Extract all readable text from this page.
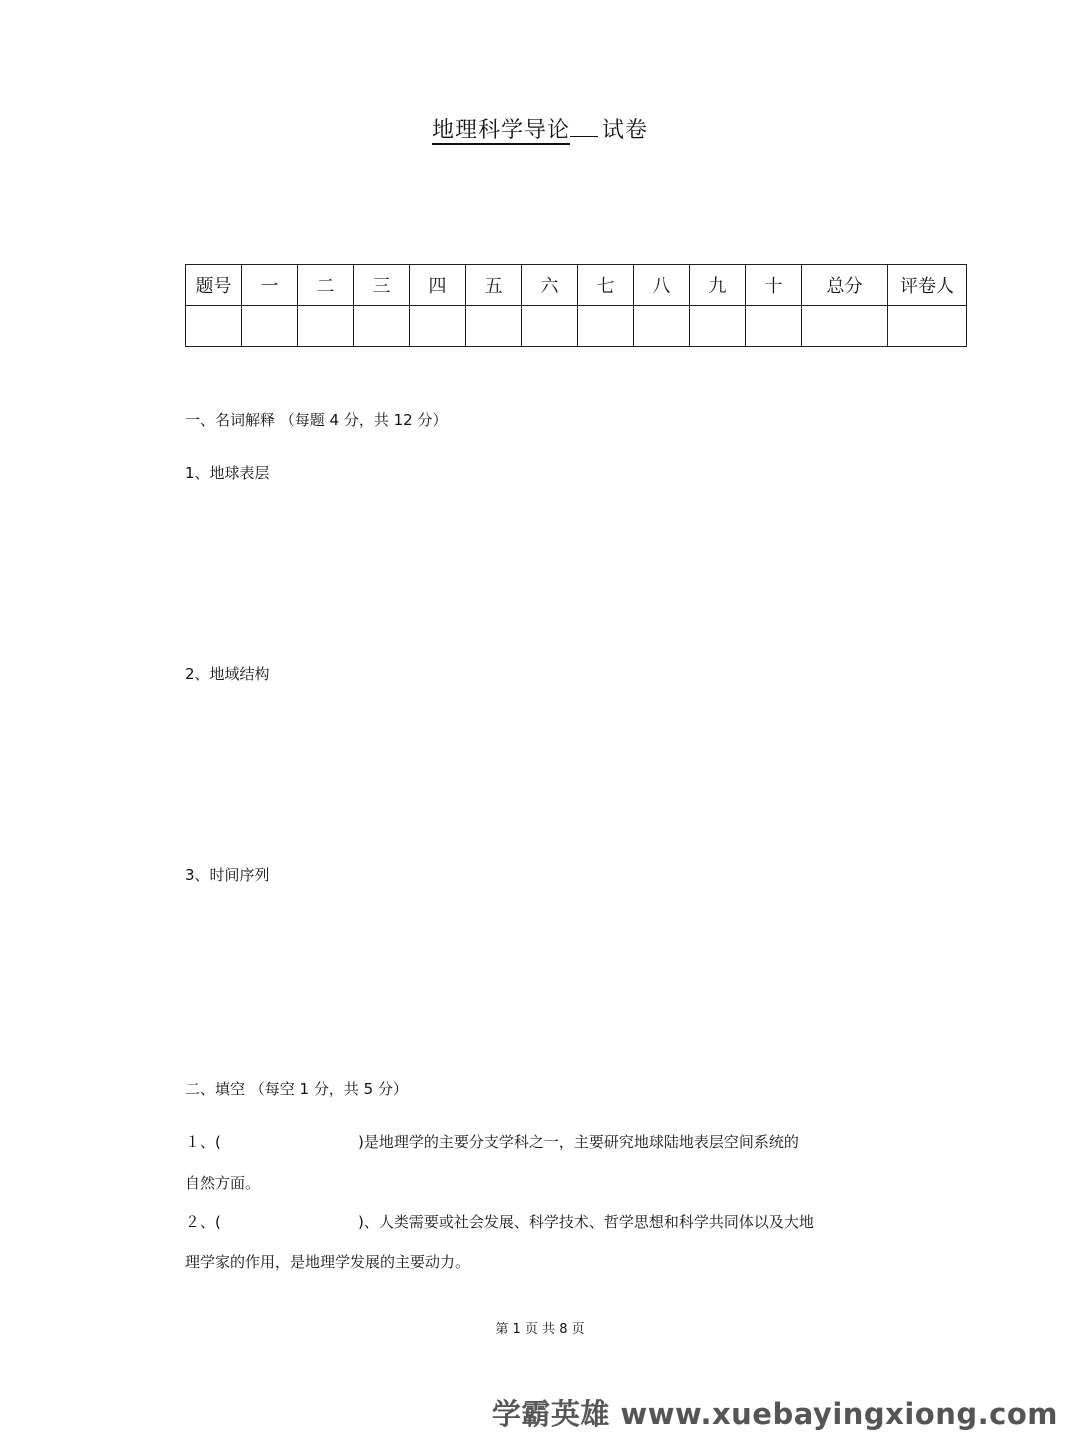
地理科学导论 试卷
题号	一	二	三	四	五	六	七	八	九	十	总分	评卷人

一、名词解释 （每题 4 分，共 12 分）
1、地球表层
2、地域结构
3、时间序列
二、填空 （每空 1 分，共 5 分）
１、(	)是地理学的主要分支学科之一，主要研究地球陆地表层空间系统的
自然方面。
２、(	)、人类需要或社会发展、科学技术、哲学思想和科学共同体以及大地
理学家的作用，是地理学发展的主要动力。
第 1 页 共 8 页
学霸英雄 www.xuebayingxiong.com
